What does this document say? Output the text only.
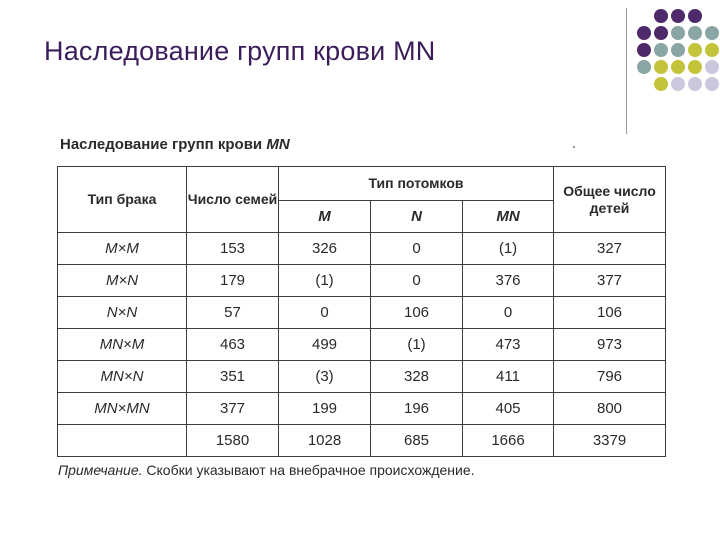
Наследование групп крови MN
Наследование групп крови MN
Тип брака	Число семей	Тип потомков			Общее число детей
		M	N	MN	
M×M	153	326	0	(1)	327
M×N	179	(1)	0	376	377
N×N	57	0	106	0	106
MN×M	463	499	(1)	473	973
MN×N	351	(3)	328	411	796
MN×MN	377	199	196	405	800
	1580	1028	685	1666	3379
Примечание. Скобки указывают на внебрачное происхождение.
